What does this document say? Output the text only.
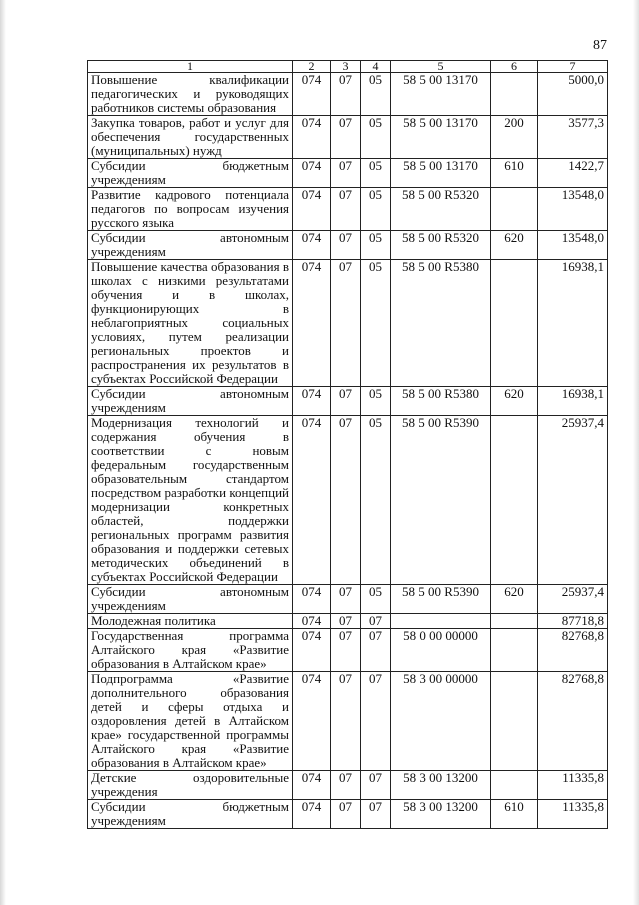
87
1	2	3	4	5	6	7
Повышение квалификации педагогических и руководящих работников системы образования	074	07	05	58 5 00 13170		5000,0
Закупка товаров, работ и услуг для обеспечения государственных (муниципальных) нужд	074	07	05	58 5 00 13170	200	3577,3
Субсидии бюджетным учреждениям	074	07	05	58 5 00 13170	610	1422,7
Развитие кадрового потенциала педагогов по вопросам изучения русского языка	074	07	05	58 5 00 R5320		13548,0
Субсидии автономным учреждениям	074	07	05	58 5 00 R5320	620	13548,0
Повышение качества образования в школах с низкими результатами обучения и в школах, функционирующих в неблагоприятных социальных условиях, путем реализации региональных проектов и распространения их результатов в субъектах Российской Федерации	074	07	05	58 5 00 R5380		16938,1
Субсидии автономным учреждениям	074	07	05	58 5 00 R5380	620	16938,1
Модернизация технологий и содержания обучения в соответствии с новым федеральным государственным образовательным стандартом посредством разработки концепций модернизации конкретных областей, поддержки региональных программ развития образования и поддержки сетевых методических объединений в субъектах Российской Федерации	074	07	05	58 5 00 R5390		25937,4
Субсидии автономным учреждениям	074	07	05	58 5 00 R5390	620	25937,4
Молодежная политика	074	07	07			87718,8
Государственная программа Алтайского края «Развитие образования в Алтайском крае»	074	07	07	58 0 00 00000		82768,8
Подпрограмма «Развитие дополнительного образования детей и сферы отдыха и оздоровления детей в Алтайском крае» государственной программы Алтайского края «Развитие образования в Алтайском крае»	074	07	07	58 3 00 00000		82768,8
Детские оздоровительные учреждения	074	07	07	58 3 00 13200		11335,8
Субсидии бюджетным учреждениям	074	07	07	58 3 00 13200	610	11335,8
